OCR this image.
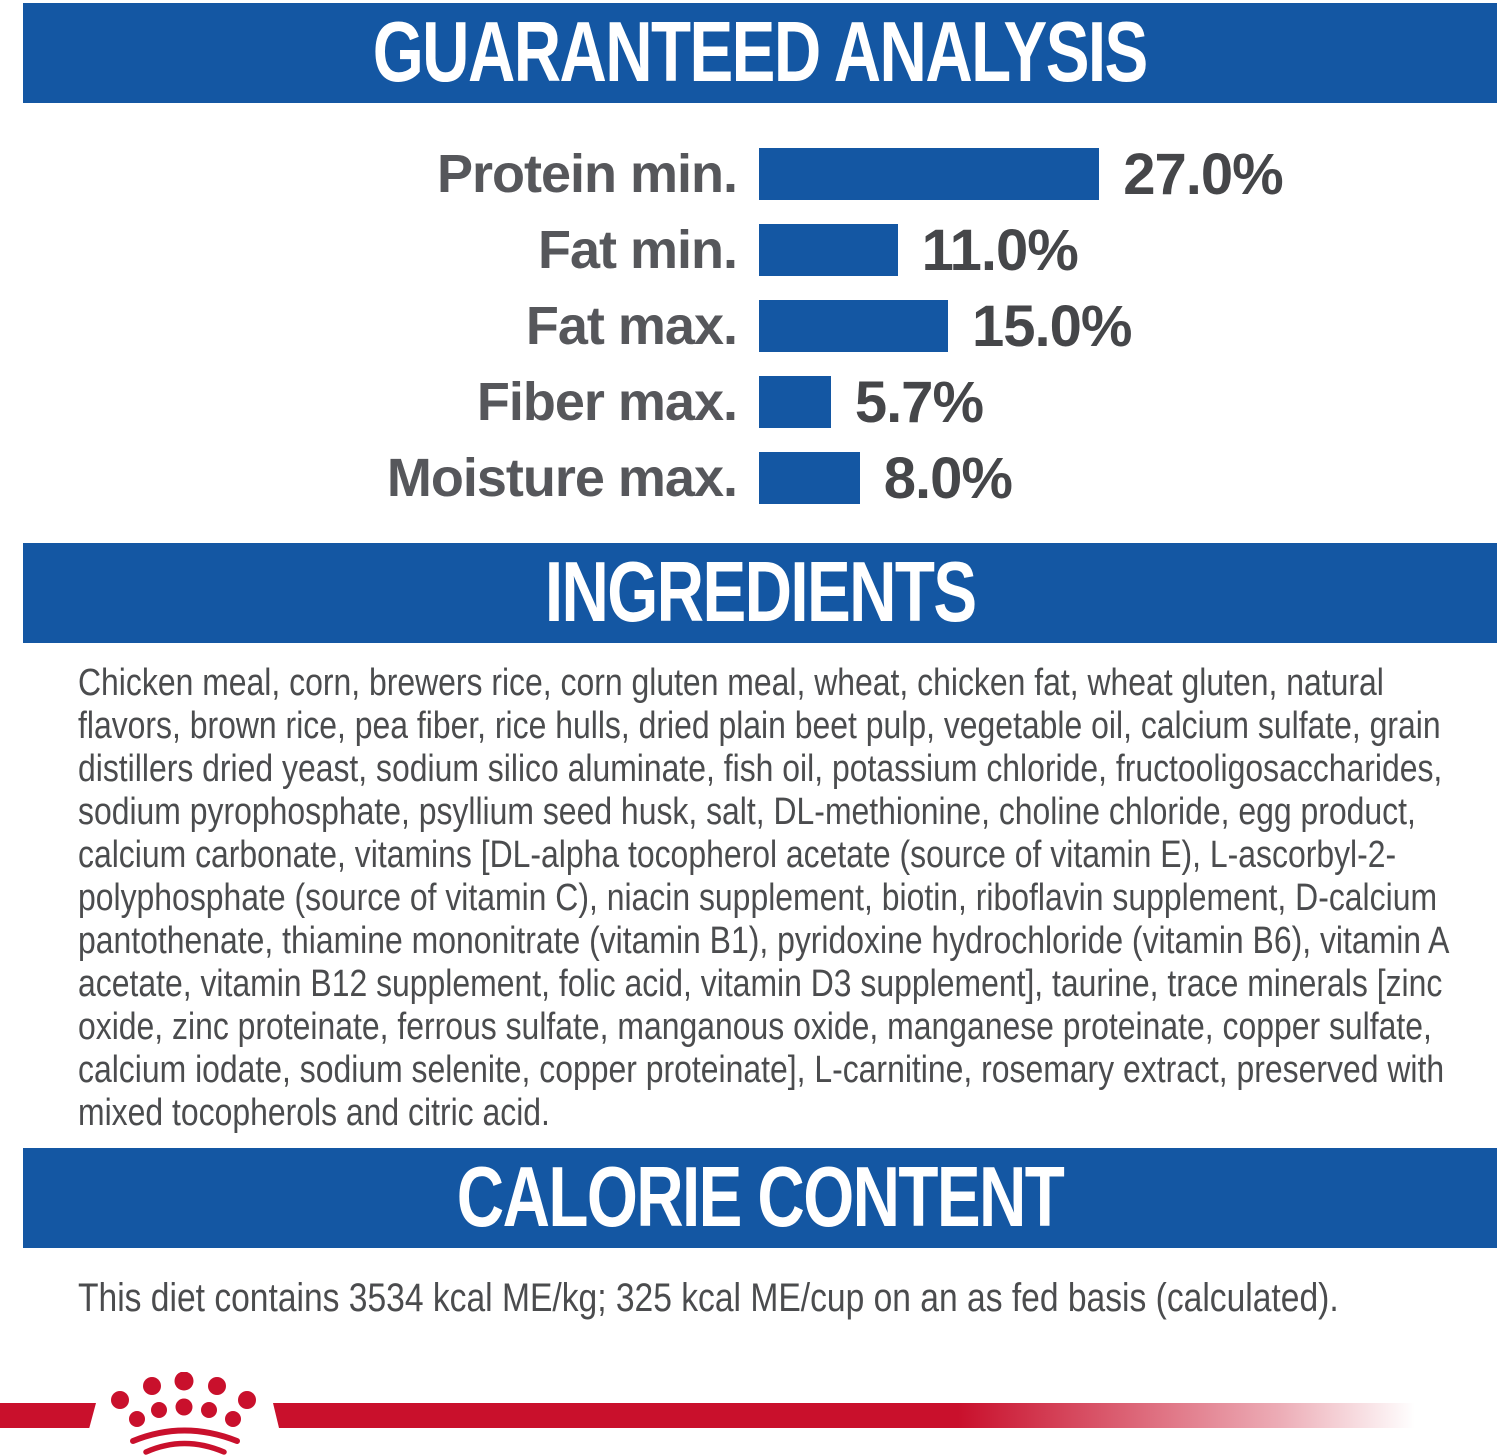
GUARANTEED ANALYSIS
Protein min.	27.0%
Fat min.	11.0%
Fat max.	15.0%
Fiber max. 5.7%
Moisture max.	8.0%
INGREDIENTS
Chicken meal, corn, brewers rice, corn gluten meal, wheat, chicken fat, wheat gluten, natural flavors, brown rice, pea fiber, rice hulls, dried plain beet pulp, vegetable oil, calcium sulfate, grain distillers dried yeast, sodium silico aluminate, fish oil, potassium chloride, fructooligosaccharides, sodium pyrophosphate, psyllium seed husk, salt, DL-methionine, choline chloride, egg product, calcium carbonate, vitamins [DL-alpha tocopherol acetate (source of vitamin E), L-ascorbyl-2-polyphosphate (source of vitamin C), niacin supplement, biotin, riboflavin supplement, D-calcium pantothenate, thiamine mononitrate (vitamin B1), pyridoxine hydrochloride (vitamin B6), vitamin A acetate, vitamin B12 supplement, folic acid, vitamin D3 supplement], taurine, trace minerals [zinc oxide, zinc proteinate, ferrous sulfate, manganous oxide, manganese proteinate, copper sulfate, calcium iodate, sodium selenite, copper proteinate], L-carnitine, rosemary extract, preserved with mixed tocopherols and citric acid.
CALORIE CONTENT
This diet contains 3534 kcal ME/kg; 325 kcal ME/cup on an as fed basis (calculated).
